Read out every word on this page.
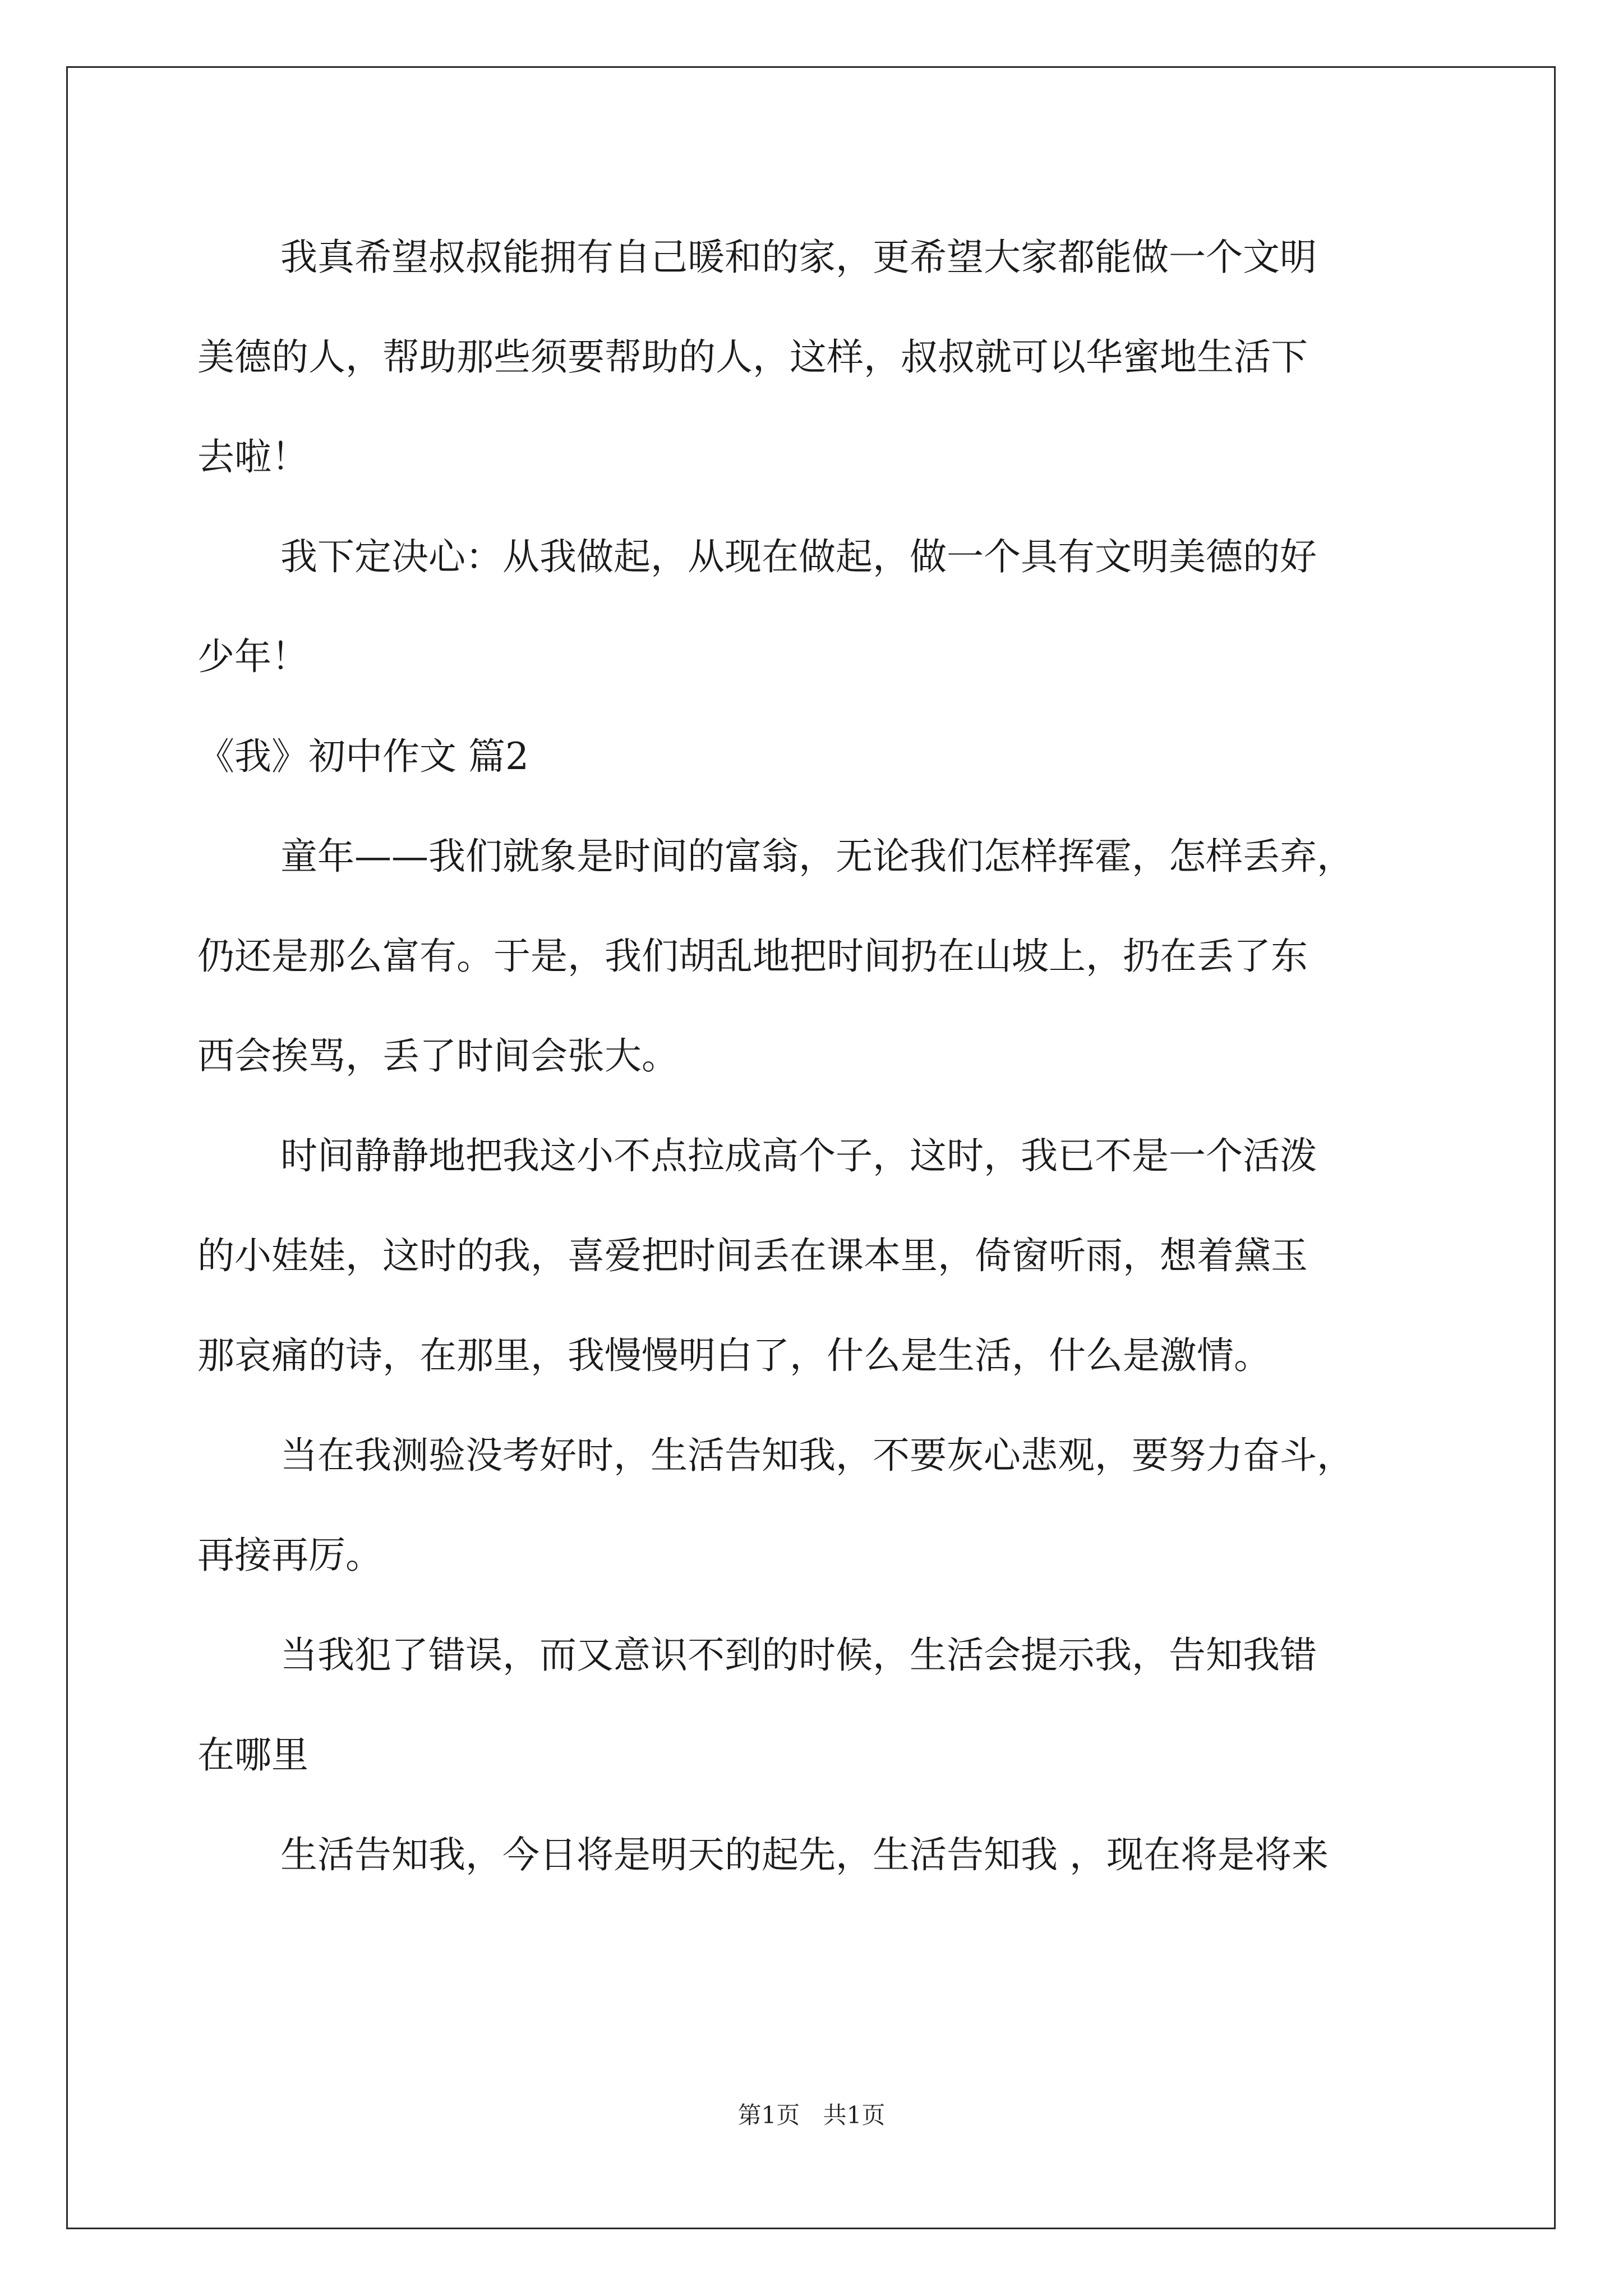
我真希望叔叔能拥有自己暖和的家，更希望大家都能做一个文明

美德的人，帮助那些须要帮助的人，这样，叔叔就可以华蜜地生活下

去啦！

我下定决心：从我做起，从现在做起，做一个具有文明美德的好

少年！

《我》初中作文 篇2

童年——我们就象是时间的富翁，无论我们怎样挥霍，怎样丢弃，

仍还是那么富有。于是，我们胡乱地把时间扔在山坡上，扔在丢了东

西会挨骂，丢了时间会张大。

时间静静地把我这小不点拉成高个子，这时，我已不是一个活泼

的小娃娃，这时的我，喜爱把时间丢在课本里，倚窗听雨，想着黛玉

那哀痛的诗，在那里，我慢慢明白了，什么是生活，什么是激情。

当在我测验没考好时，生活告知我，不要灰心悲观，要努力奋斗，

再接再厉。

当我犯了错误，而又意识不到的时候，生活会提示我，告知我错

在哪里

生活告知我，今日将是明天的起先，生活告知我 ，现在将是将来

第1页 共1页
